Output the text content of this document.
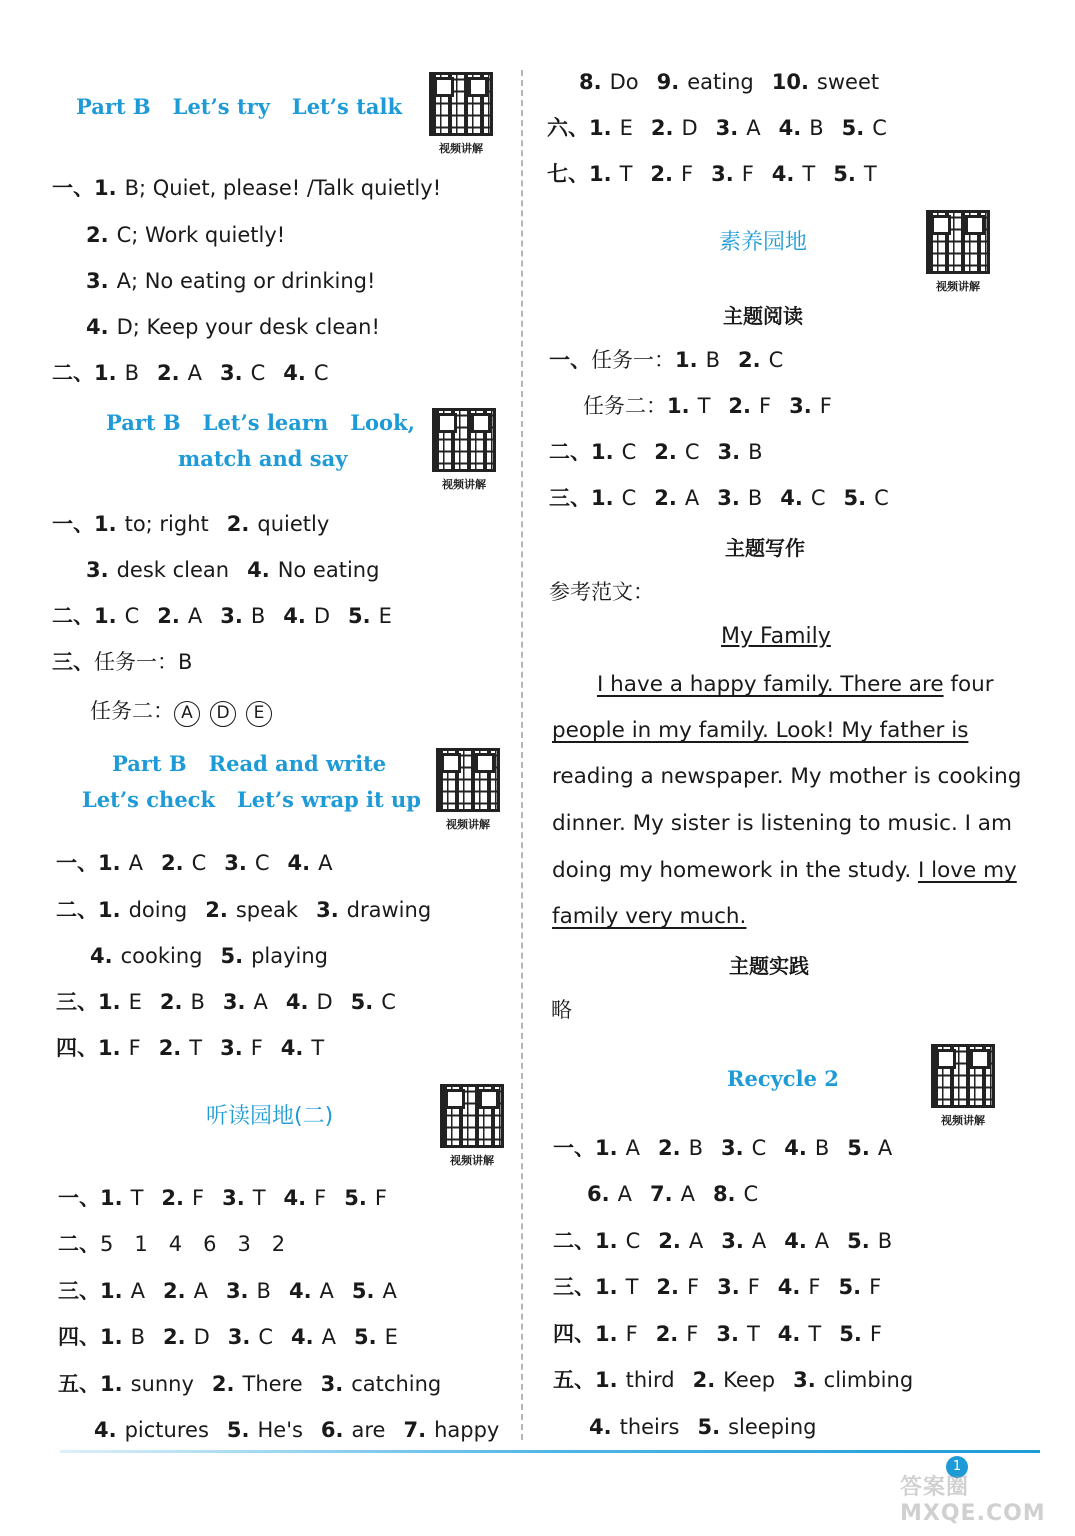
Part B Let’s try Let’s talk
视频讲解
一、1. B; Quiet, please! /Talk quietly!
2. C; Work quietly!
3. A; No eating or drinking!
4. D; Keep your desk clean!
二、1. B 2. A 3. C 4. C
Part B Let’s learn Look,
match and say
视频讲解
一、1. to; right 2. quietly
3. desk clean 4. No eating
二、1. C 2. A 3. B 4. D 5. E
三、任务一：B
任务二： A D E
Part B Read and write
Let’s check Let’s wrap it up
视频讲解
一、1. A 2. C 3. C 4. A
二、1. doing 2. speak 3. drawing
4. cooking 5. playing
三、1. E 2. B 3. A 4. D 5. C
四、1. F 2. T 3. F 4. T
听读园地(二)
视频讲解
一、1. T 2. F 3. T 4. F 5. F
二、5　1　4　6　3　2
三、1. A 2. A 3. B 4. A 5. A
四、1. B 2. D 3. C 4. A 5. E
五、1. sunny 2. There 3. catching
4. pictures 5. He's 6. are 7. happy
8. Do 9. eating 10. sweet
六、1. E 2. D 3. A 4. B 5. C
七、1. T 2. F 3. F 4. T 5. T
素养园地
视频讲解
主题阅读
一、任务一：1. B 2. C
任务二：1. T 2. F 3. F
二、1. C 2. C 3. B
三、1. C 2. A 3. B 4. C 5. C
主题写作
参考范文：
My Family
I have a happy family. There are four
people in my family. Look! My father is
reading a newspaper. My mother is cooking
dinner. My sister is listening to music. I am
doing my homework in the study. I love my
family very much.
主题实践
略
Recycle 2
视频讲解
一、1. A 2. B 3. C 4. B 5. A
6. A 7. A 8. C
二、1. C 2. A 3. A 4. A 5. B
三、1. T 2. F 3. F 4. F 5. F
四、1. F 2. F 3. T 4. T 5. F
五、1. third 2. Keep 3. climbing
4. theirs 5. sleeping
1
答案圈 MXQE.COM
